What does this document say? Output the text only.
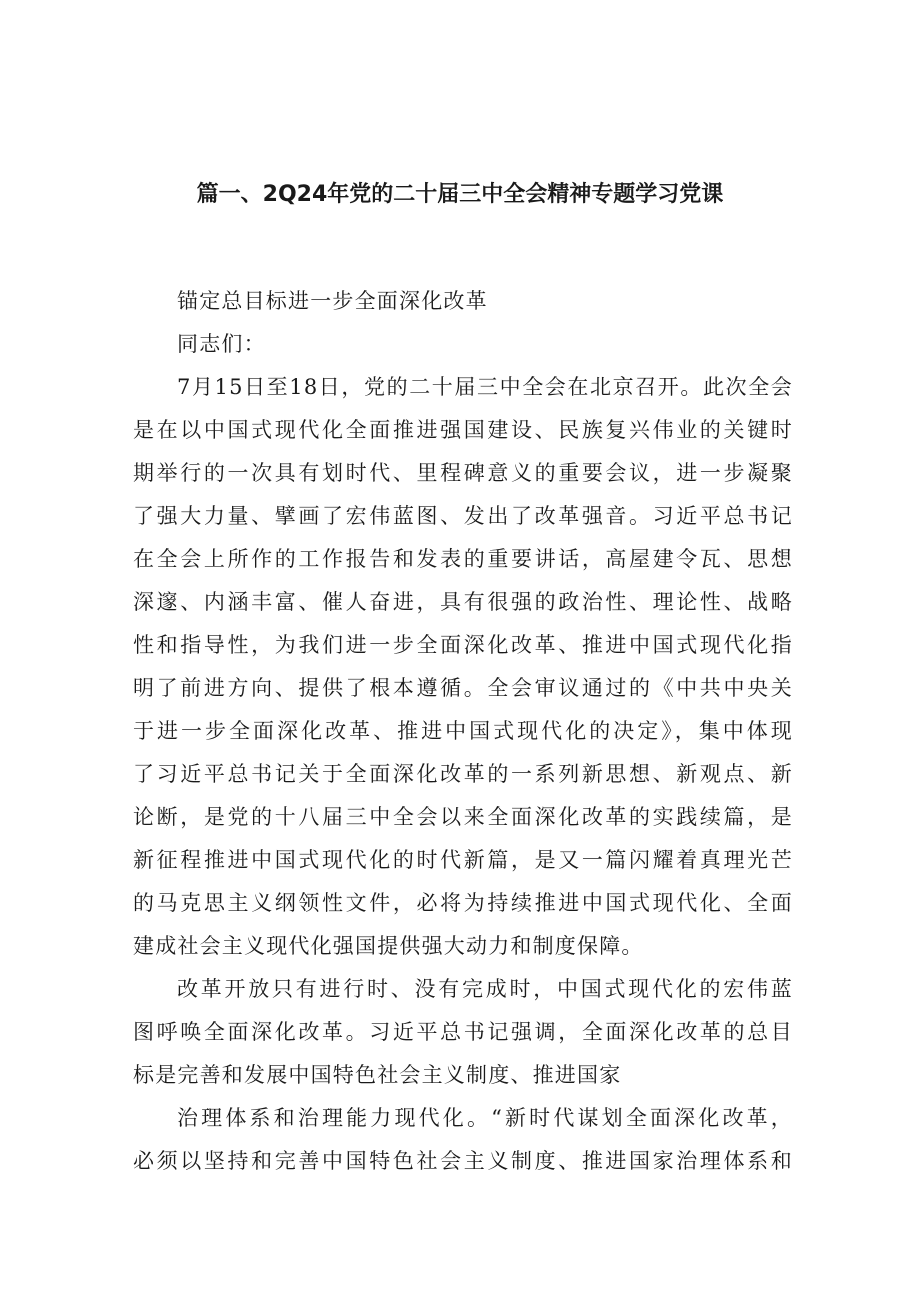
篇一、2Q24年党的二十届三中全会精神专题学习党课
锚定总目标进一步全面深化改革
同志们：
7月15日至18日，党的二十届三中全会在北京召开。此次全会
是在以中国式现代化全面推进强国建设、民族复兴伟业的关键时
期举行的一次具有划时代、里程碑意义的重要会议，进一步凝聚
了强大力量、擘画了宏伟蓝图、发出了改革强音。习近平总书记
在全会上所作的工作报告和发表的重要讲话，高屋建令瓦、思想
深邃、内涵丰富、催人奋进，具有很强的政治性、理论性、战略
性和指导性，为我们进一步全面深化改革、推进中国式现代化指
明了前进方向、提供了根本遵循。全会审议通过的《中共中央关
于进一步全面深化改革、推进中国式现代化的决定》，集中体现
了习近平总书记关于全面深化改革的一系列新思想、新观点、新
论断，是党的十八届三中全会以来全面深化改革的实践续篇，是
新征程推进中国式现代化的时代新篇，是又一篇闪耀着真理光芒
的马克思主义纲领性文件，必将为持续推进中国式现代化、全面
建成社会主义现代化强国提供强大动力和制度保障。
改革开放只有进行时、没有完成时，中国式现代化的宏伟蓝
图呼唤全面深化改革。习近平总书记强调，全面深化改革的总目
标是完善和发展中国特色社会主义制度、推进国家
治理体系和治理能力现代化。“新时代谋划全面深化改革，
必须以坚持和完善中国特色社会主义制度、推进国家治理体系和
